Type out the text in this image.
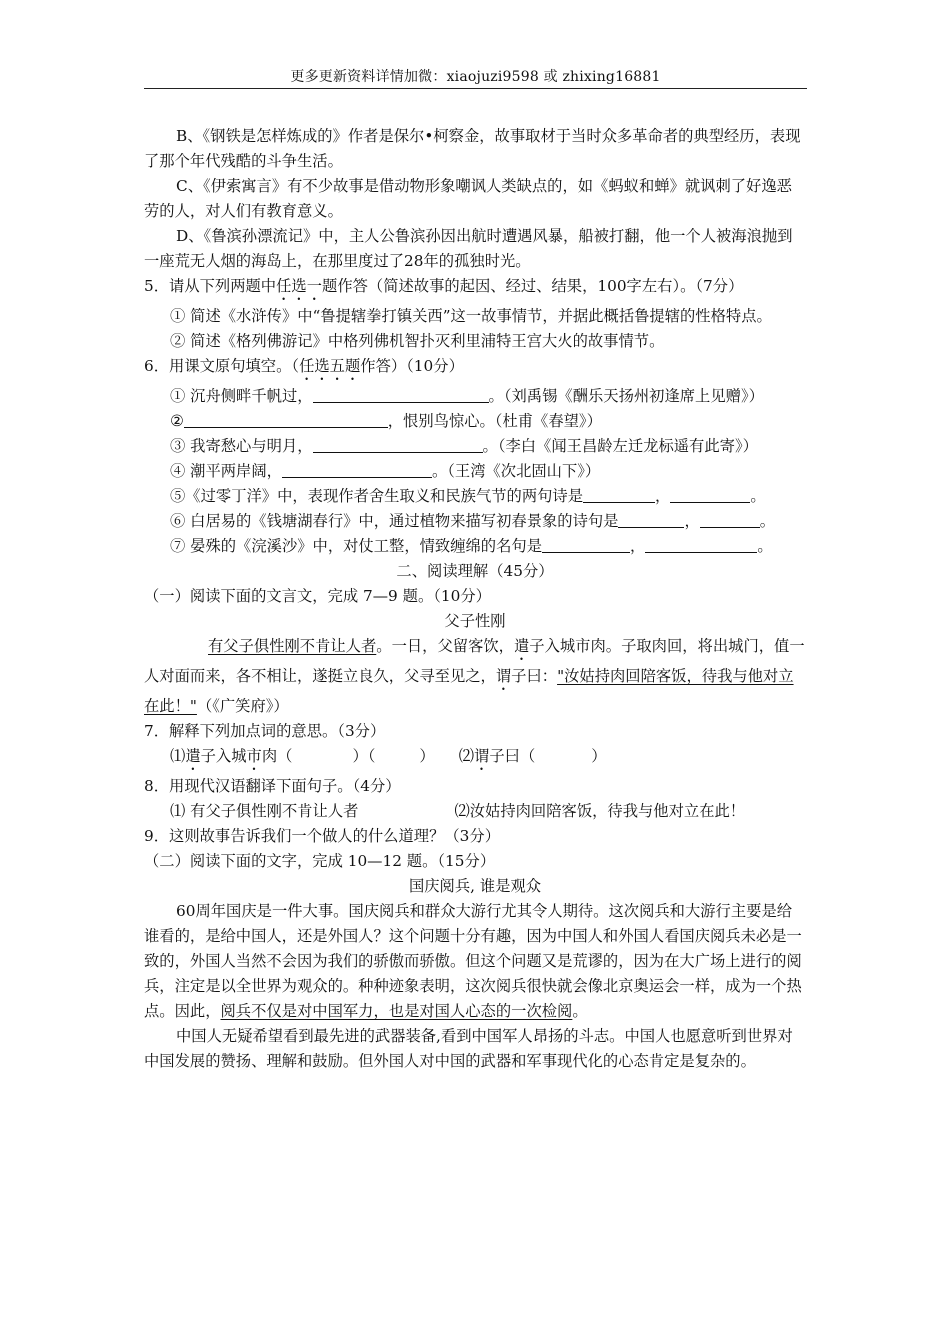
更多更新资料详情加微：xiaojuzi9598 或 zhixing16881

B、《钢铁是怎样炼成的》作者是保尔•柯察金，故事取材于当时众多革命者的典型经历，表现了那个年代残酷的斗争生活。

C、《伊索寓言》有不少故事是借动物形象嘲讽人类缺点的，如《蚂蚁和蝉》就讽刺了好逸恶劳的人，对人们有教育意义。

D、《鲁滨孙漂流记》中，主人公鲁滨孙因出航时遭遇风暴，船被打翻，他一个人被海浪抛到一座荒无人烟的海岛上，在那里度过了28年的孤独时光。

5．请从下列两题中任选一题作答（简述故事的起因、经过、结果，100字左右）。（7分）

① 简述《水浒传》中“鲁提辖拳打镇关西”这一故事情节，并据此概括鲁提辖的性格特点。

② 简述《格列佛游记》中格列佛机智扑灭利里浦特王宫大火的故事情节。

6．用课文原句填空。（任选五题作答）（10分）

① 沉舟侧畔千帆过，	。（刘禹锡《酬乐天扬州初逢席上见赠》）

②	，恨别鸟惊心。（杜甫《春望》）

③ 我寄愁心与明月，	。（李白《闻王昌龄左迁龙标遥有此寄》）

④ 潮平两岸阔，	。（王湾《次北固山下》）

⑤《过零丁洋》中，表现作者舍生取义和民族气节的两句诗是	，	。

⑥ 白居易的《钱塘湖春行》中，通过植物来描写初春景象的诗句是	，	。

⑦ 晏殊的《浣溪沙》中，对仗工整，情致缠绵的名句是	，	。

二、阅读理解（45分）

（一）阅读下面的文言文，完成 7—9 题。（10分）

父子性刚

有父子俱性刚不肯让人者。一日，父留客饮，遣子入城市肉。子取肉回，将出城门，值一人对面而来，各不相让，遂挺立良久，父寻至见之，谓子曰："汝姑持肉回陪客饭，待我与他对立在此！"（《广笑府》）

7．解释下列加点词的意思。（3分）

⑴遣子入城市肉（	）（	） ⑵谓子曰（	）

8．用现代汉语翻译下面句子。（4分）

⑴ 有父子俱性刚不肯让人者	⑵汝姑持肉回陪客饭，待我与他对立在此！

9．这则故事告诉我们一个做人的什么道理？（3分）

（二）阅读下面的文字，完成 10—12 题。（15分）

国庆阅兵, 谁是观众

60周年国庆是一件大事。国庆阅兵和群众大游行尤其令人期待。这次阅兵和大游行主要是给谁看的，是给中国人，还是外国人？这个问题十分有趣，因为中国人和外国人看国庆阅兵未必是一致的，外国人当然不会因为我们的骄傲而骄傲。但这个问题又是荒谬的，因为在大广场上进行的阅兵，注定是以全世界为观众的。种种迹象表明，这次阅兵很快就会像北京奥运会一样，成为一个热点。因此，阅兵不仅是对中国军力，也是对国人心态的一次检阅。

中国人无疑希望看到最先进的武器装备,看到中国军人昂扬的斗志。中国人也愿意听到世界对中国发展的赞扬、理解和鼓励。但外国人对中国的武器和军事现代化的心态肯定是复杂的。
